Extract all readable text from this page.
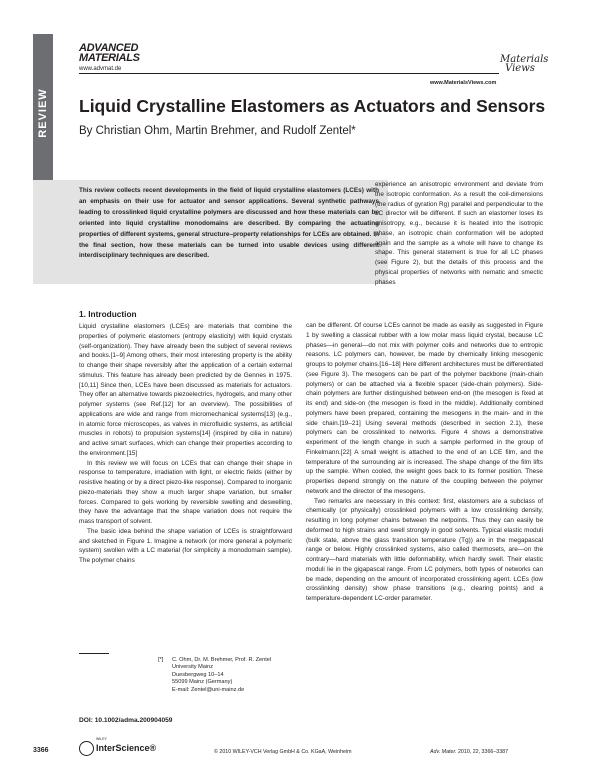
REVIEW
ADVANCED
MATERIALS
www.advmat.de
Materials
Views
www.MaterialsViews.com
Liquid Crystalline Elastomers as Actuators and Sensors
By Christian Ohm, Martin Brehmer, and Rudolf Zentel*

This review collects recent developments in the field of liquid crystalline elastomers (LCEs) with an emphasis on their use for actuator and sensor applications. Several synthetic pathways leading to crosslinked liquid crystalline polymers are discussed and how these materials can be oriented into liquid crystalline monodomains are described. By comparing the actuating properties of different systems, general structure–property relationships for LCEs are obtained. In the final section, how these materials can be turned into usable devices using different interdisciplinary techniques are described.

experience an anisotropic environment and deviate from the isotropic conformation. As a result the coil-dimensions (the radius of gyration Rg) parallel and perpendicular to the LC director will be different. If such an elastomer loses its anisotropy, e.g., because it is heated into the isotropic phase, an isotropic chain conformation will be adopted again and the sample as a whole will have to change its shape. This general statement is true for all LC phases (see Figure 2), but the details of this process and the physical properties of networks with nematic and smectic phases

can be different. Of course LCEs cannot be made as easily as suggested in Figure 1 by swelling a classical rubber with a low molar mass liquid crystal, because LC phases—in general—do not mix with polymer coils and networks due to entropic reasons. LC polymers can, however, be made by chemically linking mesogenic groups to polymer chains.[16–18] Here different architectures must be differentiated (see Figure 3). The mesogens can be part of the polymer backbone (main-chain polymers) or can be attached via a flexible spacer (side-chain polymers). Side-chain polymers are further distinguished between end-on (the mesogen is fixed at its end) and side-on (the mesogen is fixed in the middle). Additionally combined polymers have been prepared, containing the mesogens in the main- and in the side chain.[19–21] Using several methods (described in section 2.1), these polymers can be crosslinked to networks. Figure 4 shows a demonstrative experiment of the length change in such a sample performed in the group of Finkelmann.[22] A small weight is attached to the end of an LCE film, and the temperature of the surrounding air is increased. The shape change of the film lifts up the sample. When cooled, the weight goes back to its former position. These properties depend strongly on the nature of the coupling between the polymer network and the director of the mesogens.

Two remarks are necessary in this context: first, elastomers are a subclass of chemically (or physically) crosslinked polymers with a low crosslinking density, resulting in long polymer chains between the netpoints. Thus they can easily be deformed to high strains and swell strongly in good solvents. Typical elastic moduli (bulk state, above the glass transition temperature (Tg)) are in the megapascal range or below. Highly crosslinked systems, also called thermosets, are—on the contrary—hard materials with little deformability, which hardly swell. Their elastic moduli lie in the gigapascal range. From LC polymers, both types of networks can be made, depending on the amount of incorporated crosslinking agent. LCEs (low crosslinking density) show phase transitions (e.g., clearing points) and a temperature-dependent LC-order parameter.

1. Introduction

Liquid crystalline elastomers (LCEs) are materials that combine the properties of polymeric elastomers (entropy elasticity) with liquid crystals (self-organization). They have already been the subject of several reviews and books.[1–9] Among others, their most interesting property is the ability to change their shape reversibly after the application of a certain external stimulus. This feature has already been predicted by de Gennes in 1975.[10,11] Since then, LCEs have been discussed as materials for actuators. They offer an alternative towards piezoelectrics, hydrogels, and many other polymer systems (see Ref.[12] for an overview). The possibilities of applications are wide and range from micromechanical systems[13] (e.g., in atomic force microscopes, as valves in microfluidic systems, as artificial muscles in robots) to propulsion systems[14] (inspired by cilia in nature) and active smart surfaces, which can change their properties according to the environment.[15]

In this review we will focus on LCEs that can change their shape in response to temperature, irradiation with light, or electric fields (either by resistive heating or by a direct piezo-like response). Compared to inorganic piezo-materials they show a much larger shape variation, but smaller forces. Compared to gels working by reversible swelling and deswelling, they have the advantage that the shape variation does not require the mass transport of solvent.

The basic idea behind the shape variation of LCEs is straightforward and sketched in Figure 1. Imagine a network (or more general a polymeric system) swollen with a LC material (for simplicity a monodomain sample). The polymer chains

[*] C. Ohm, Dr. M. Brehmer, Prof. R. Zentel
University Mainz
Duesbergweg 10–14
55099 Mainz (Germany)
E-mail: Zentel@uni-mainz.de
DOI: 10.1002/adma.200904059
3366
WILEY
InterScience®	© 2010 WILEY-VCH Verlag GmbH & Co. KGaA, Weinheim	Adv. Mater. 2010, 22, 3366–3387
